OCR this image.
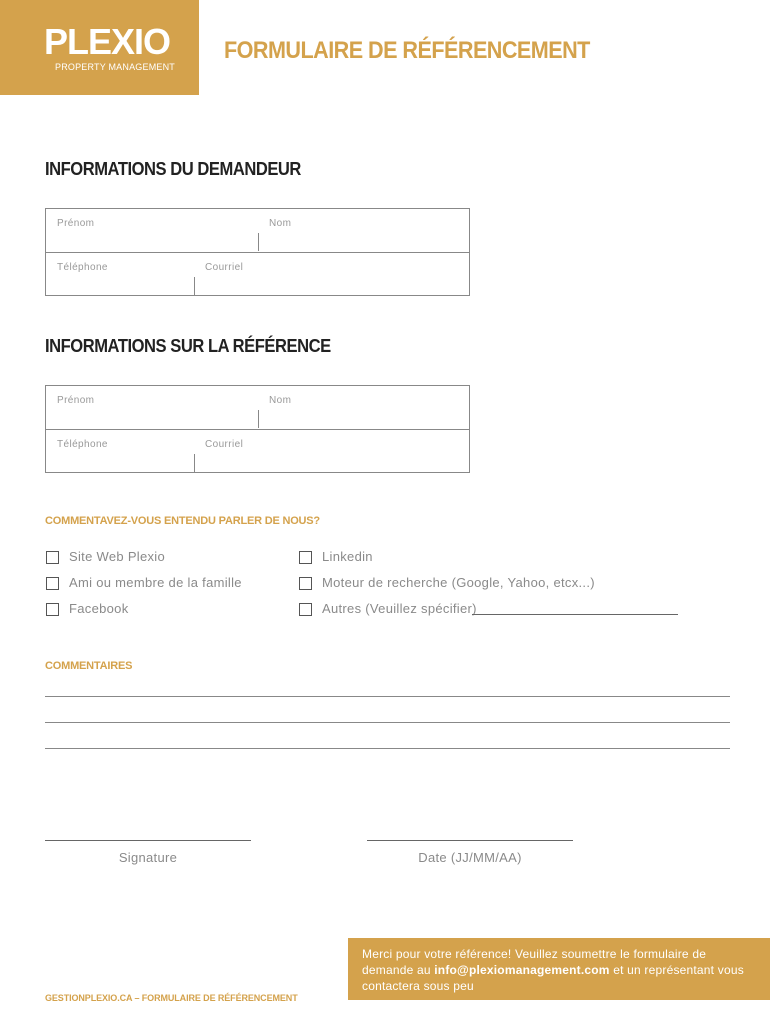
PLEXIO
PROPERTY MANAGEMENT
FORMULAIRE DE RÉFÉRENCEMENT
INFORMATIONS DU DEMANDEUR
Prénom	Nom
Téléphone	Courriel
INFORMATIONS SUR LA RÉFÉRENCE
Prénom	Nom
Téléphone	Courriel
COMMENTAVEZ-VOUS ENTENDU PARLER DE NOUS?
Site Web Plexio
Ami ou membre de la famille
Facebook
Linkedin
Moteur de recherche (Google, Yahoo, etcx...)
Autres (Veuillez spécifier)
COMMENTAIRES
Signature	Date (JJ/MM/AA)
GESTIONPLEXIO.CA – FORMULAIRE DE RÉFÉRENCEMENT

Merci pour votre référence! Veuillez soumettre le formulaire de demande au info@plexiomanagement.com et un représentant vous contactera sous peu
